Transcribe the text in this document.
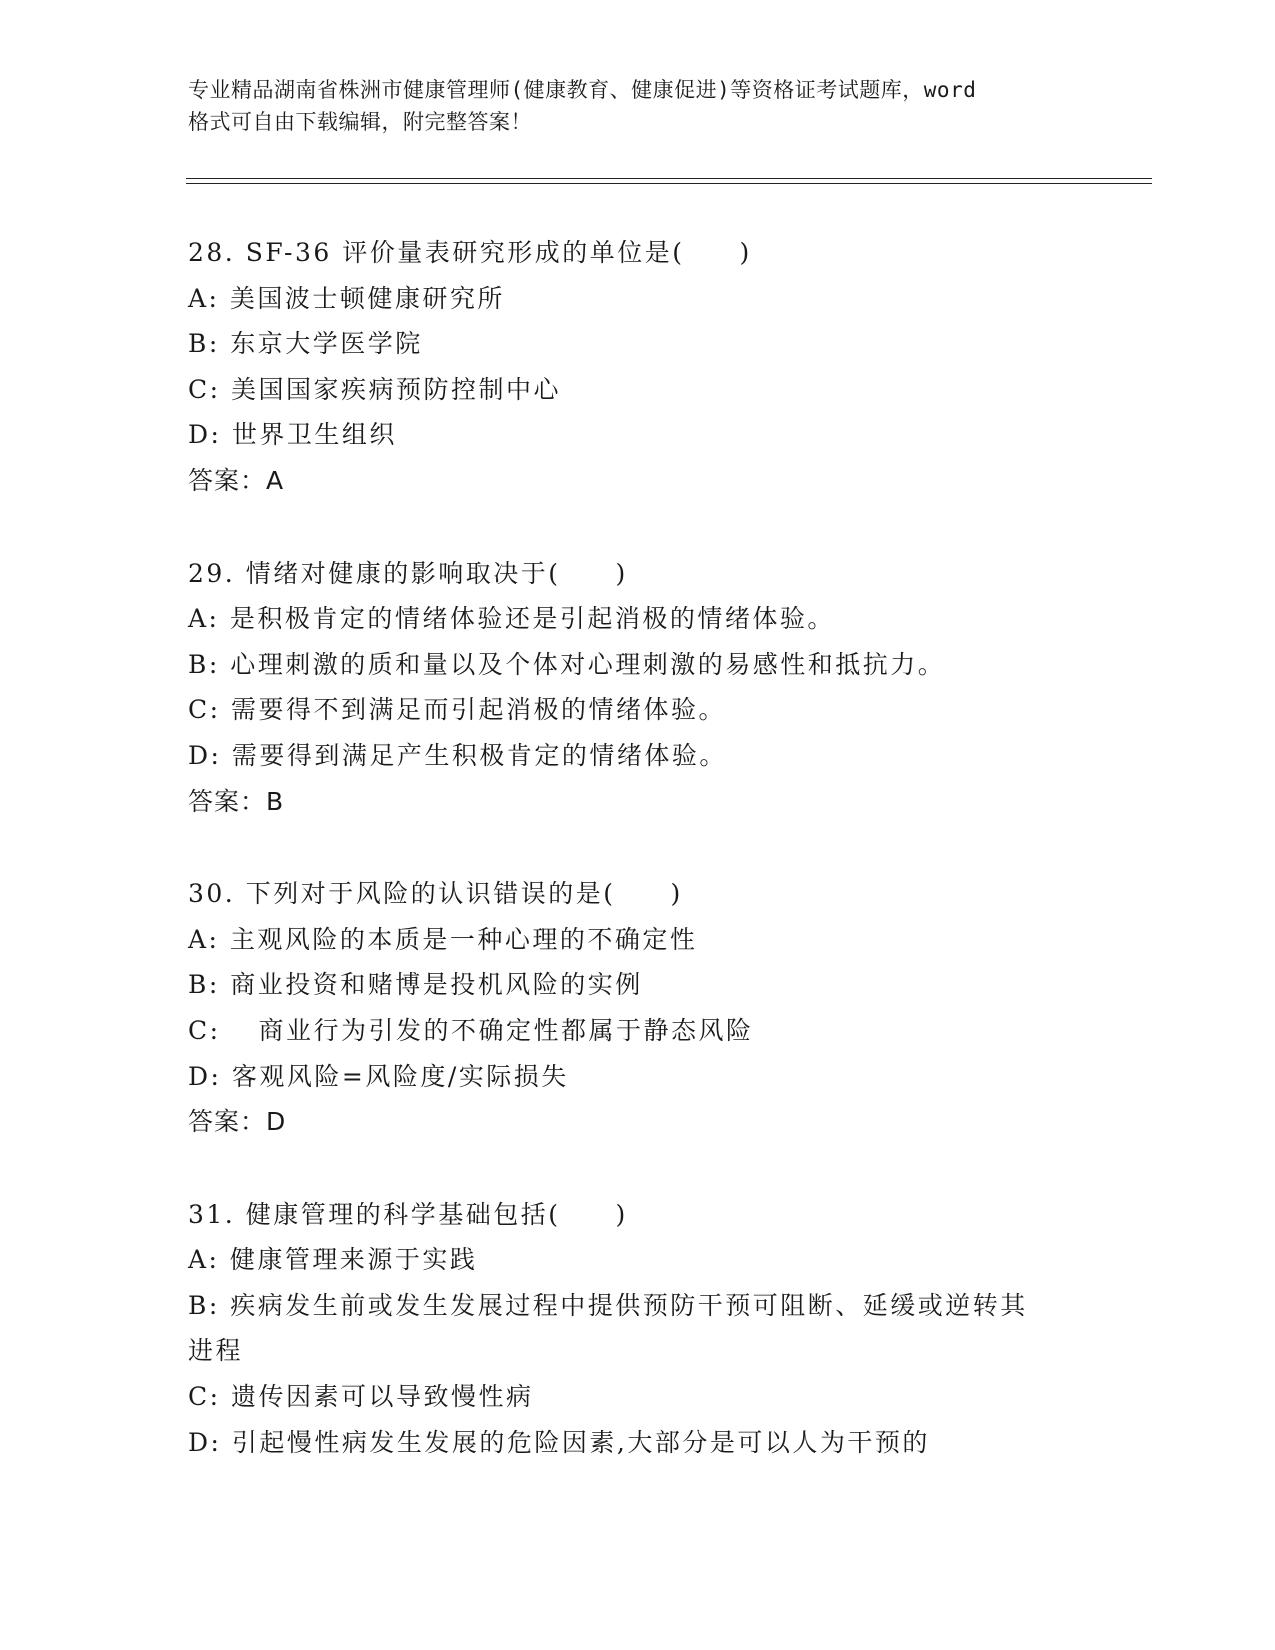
专业精品湖南省株洲市健康管理师(健康教育、健康促进)等资格证考试题库，word
格式可自由下载编辑，附完整答案！
28. SF-36 评价量表研究形成的单位是(　　)
A: 美国波士顿健康研究所
B: 东京大学医学院
C: 美国国家疾病预防控制中心
D: 世界卫生组织
答案：A
29. 情绪对健康的影响取决于(　　)
A: 是积极肯定的情绪体验还是引起消极的情绪体验。
B: 心理刺激的质和量以及个体对心理刺激的易感性和抵抗力。
C: 需要得不到满足而引起消极的情绪体验。
D: 需要得到满足产生积极肯定的情绪体验。
答案：B
30. 下列对于风险的认识错误的是(　　)
A: 主观风险的本质是一种心理的不确定性
B: 商业投资和赌博是投机风险的实例
C: 　商业行为引发的不确定性都属于静态风险
D: 客观风险=风险度/实际损失
答案：D
31. 健康管理的科学基础包括(　　)
A: 健康管理来源于实践
B: 疾病发生前或发生发展过程中提供预防干预可阻断、延缓或逆转其
进程
C: 遗传因素可以导致慢性病
D: 引起慢性病发生发展的危险因素,大部分是可以人为干预的
